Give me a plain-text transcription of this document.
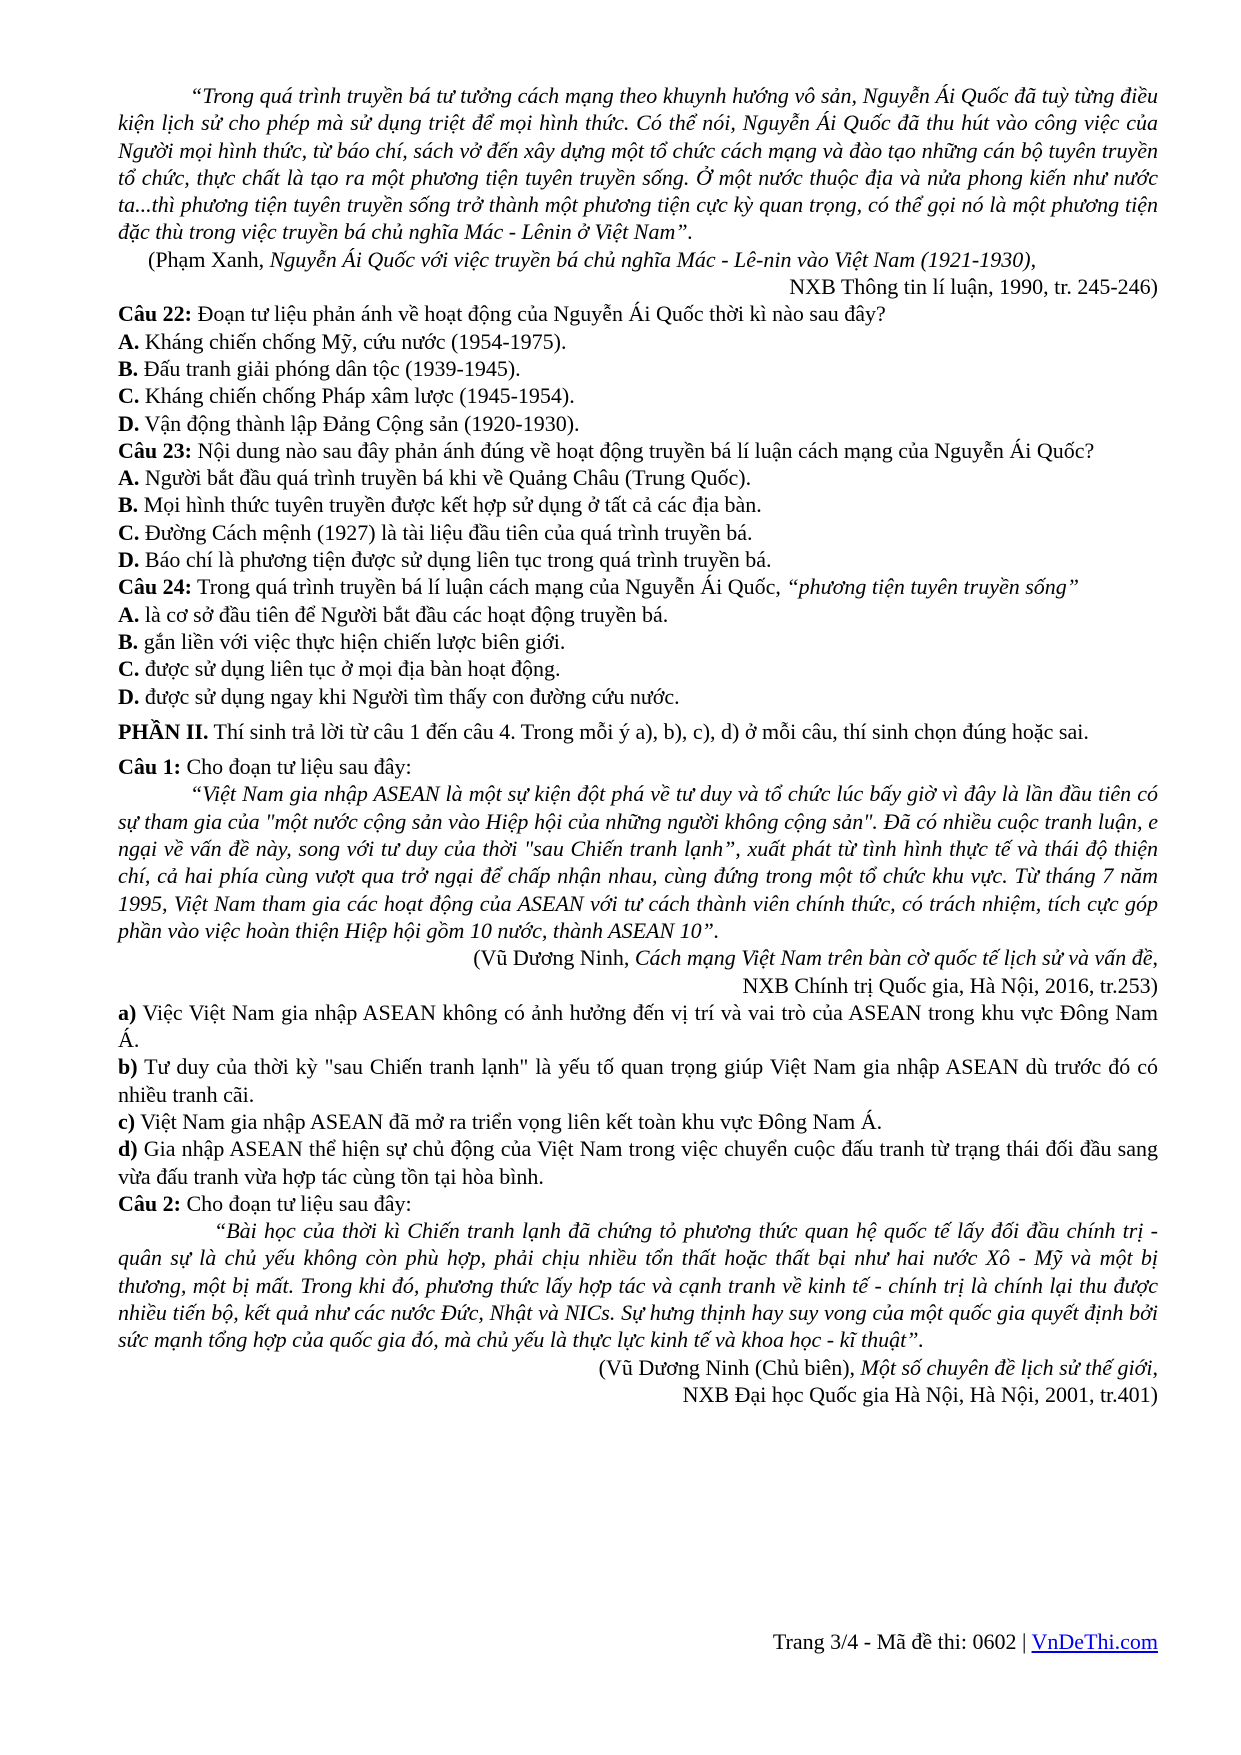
“Trong quá trình truyền bá tư tưởng cách mạng theo khuynh hướng vô sản, Nguyễn Ái Quốc đã tuỳ từng điều kiện lịch sử cho phép mà sử dụng triệt để mọi hình thức. Có thể nói, Nguyễn Ái Quốc đã thu hút vào công việc của Người mọi hình thức, từ báo chí, sách vở đến xây dựng một tổ chức cách mạng và đào tạo những cán bộ tuyên truyền tổ chức, thực chất là tạo ra một phương tiện tuyên truyền sống. Ở một nước thuộc địa và nửa phong kiến như nước ta...thì phương tiện tuyên truyền sống trở thành một phương tiện cực kỳ quan trọng, có thể gọi nó là một phương tiện đặc thù trong việc truyền bá chủ nghĩa Mác - Lênin ở Việt Nam”.

(Phạm Xanh, Nguyễn Ái Quốc với việc truyền bá chủ nghĩa Mác - Lê-nin vào Việt Nam (1921-1930),

NXB Thông tin lí luận, 1990, tr. 245-246)

Câu 22: Đoạn tư liệu phản ánh về hoạt động của Nguyễn Ái Quốc thời kì nào sau đây?

A. Kháng chiến chống Mỹ, cứu nước (1954-1975).

B. Đấu tranh giải phóng dân tộc (1939-1945).

C. Kháng chiến chống Pháp xâm lược (1945-1954).

D. Vận động thành lập Đảng Cộng sản (1920-1930).

Câu 23: Nội dung nào sau đây phản ánh đúng về hoạt động truyền bá lí luận cách mạng của Nguyễn Ái Quốc?

A. Người bắt đầu quá trình truyền bá khi về Quảng Châu (Trung Quốc).

B. Mọi hình thức tuyên truyền được kết hợp sử dụng ở tất cả các địa bàn.

C. Đường Cách mệnh (1927) là tài liệu đầu tiên của quá trình truyền bá.

D. Báo chí là phương tiện được sử dụng liên tục trong quá trình truyền bá.

Câu 24: Trong quá trình truyền bá lí luận cách mạng của Nguyễn Ái Quốc, “phương tiện tuyên truyền sống”

A. là cơ sở đầu tiên để Người bắt đầu các hoạt động truyền bá.

B. gắn liền với việc thực hiện chiến lược biên giới.

C. được sử dụng liên tục ở mọi địa bàn hoạt động.

D. được sử dụng ngay khi Người tìm thấy con đường cứu nước.

PHẦN II. Thí sinh trả lời từ câu 1 đến câu 4. Trong mỗi ý a), b), c), d) ở mỗi câu, thí sinh chọn đúng hoặc sai.

Câu 1: Cho đoạn tư liệu sau đây:

“Việt Nam gia nhập ASEAN là một sự kiện đột phá về tư duy và tổ chức lúc bấy giờ vì đây là lần đầu tiên có sự tham gia của "một nước cộng sản vào Hiệp hội của những người không cộng sản". Đã có nhiều cuộc tranh luận, e ngại về vấn đề này, song với tư duy của thời "sau Chiến tranh lạnh”, xuất phát từ tình hình thực tế và thái độ thiện chí, cả hai phía cùng vượt qua trở ngại để chấp nhận nhau, cùng đứng trong một tổ chức khu vực. Từ tháng 7 năm 1995, Việt Nam tham gia các hoạt động của ASEAN với tư cách thành viên chính thức, có trách nhiệm, tích cực góp phần vào việc hoàn thiện Hiệp hội gồm 10 nước, thành ASEAN 10”.

(Vũ Dương Ninh, Cách mạng Việt Nam trên bàn cờ quốc tế lịch sử và vấn đề,

NXB Chính trị Quốc gia, Hà Nội, 2016, tr.253)

a) Việc Việt Nam gia nhập ASEAN không có ảnh hưởng đến vị trí và vai trò của ASEAN trong khu vực Đông Nam Á.

b) Tư duy của thời kỳ "sau Chiến tranh lạnh" là yếu tố quan trọng giúp Việt Nam gia nhập ASEAN dù trước đó có nhiều tranh cãi.

c) Việt Nam gia nhập ASEAN đã mở ra triển vọng liên kết toàn khu vực Đông Nam Á.

d) Gia nhập ASEAN thể hiện sự chủ động của Việt Nam trong việc chuyển cuộc đấu tranh từ trạng thái đối đầu sang vừa đấu tranh vừa hợp tác cùng tồn tại hòa bình.

Câu 2: Cho đoạn tư liệu sau đây:

“Bài học của thời kì Chiến tranh lạnh đã chứng tỏ phương thức quan hệ quốc tế lấy đối đầu chính trị - quân sự là chủ yếu không còn phù hợp, phải chịu nhiều tổn thất hoặc thất bại như hai nước Xô - Mỹ và một bị thương, một bị mất. Trong khi đó, phương thức lấy hợp tác và cạnh tranh về kinh tế - chính trị là chính lại thu được nhiều tiến bộ, kết quả như các nước Đức, Nhật và NICs. Sự hưng thịnh hay suy vong của một quốc gia quyết định bởi sức mạnh tổng hợp của quốc gia đó, mà chủ yếu là thực lực kinh tế và khoa học - kĩ thuật”.

(Vũ Dương Ninh (Chủ biên), Một số chuyên đề lịch sử thế giới,

NXB Đại học Quốc gia Hà Nội, Hà Nội, 2001, tr.401)

Trang 3/4 - Mã đề thi: 0602 | VnDeThi.com
